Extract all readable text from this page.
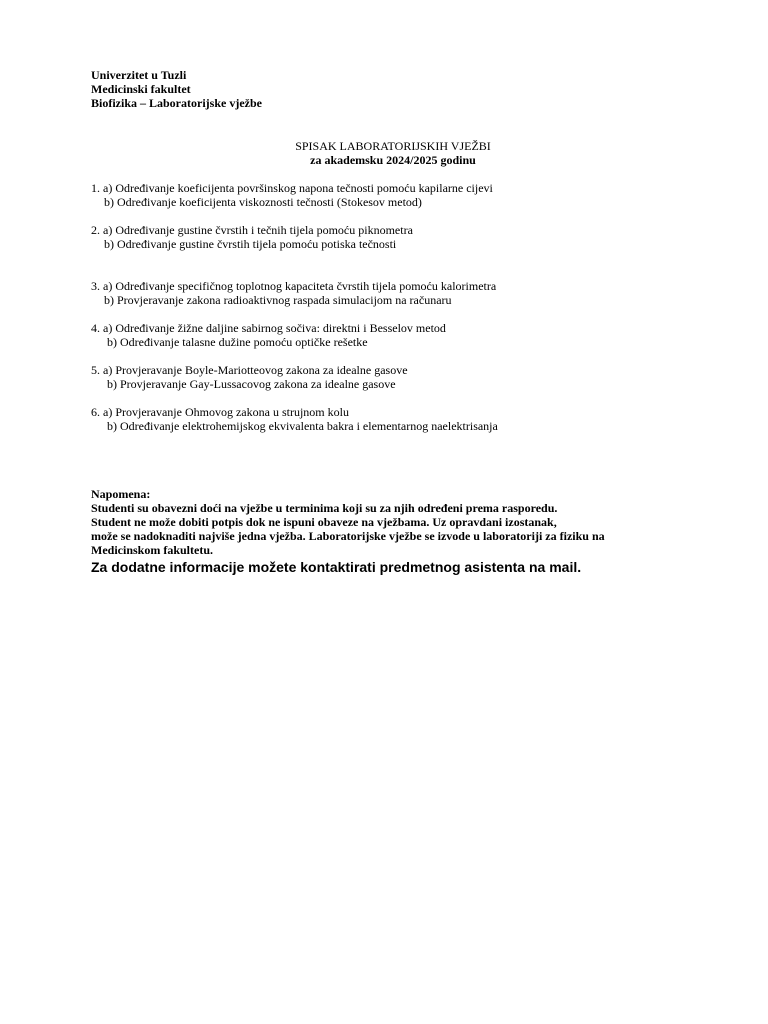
Univerzitet u Tuzli
Medicinski fakultet
Biofizika – Laboratorijske vježbe
SPISAK LABORATORIJSKIH VJEŽBI
za akademsku 2024/2025 godinu
1. a) Određivanje koeficijenta površinskog napona tečnosti pomoću kapilarne cijevi
b) Određivanje koeficijenta viskoznosti tečnosti (Stokesov metod)
2. a) Određivanje gustine čvrstih i tečnih tijela pomoću piknometra
b) Određivanje gustine čvrstih tijela pomoću potiska tečnosti
3. a) Određivanje specifičnog toplotnog kapaciteta čvrstih tijela pomoću kalorimetra
b) Provjeravanje zakona radioaktivnog raspada simulacijom na računaru
4. a) Određivanje žižne daljine sabirnog sočiva: direktni i Besselov metod
b) Određivanje talasne dužine pomoću optičke rešetke
5. a) Provjeravanje Boyle-Mariotteovog zakona za idealne gasove
b) Provjeravanje Gay-Lussacovog zakona za idealne gasove
6. a) Provjeravanje Ohmovog zakona u strujnom kolu
b) Određivanje elektrohemijskog ekvivalenta bakra i elementarnog naelektrisanja
Napomena:
Studenti su obavezni doći na vježbe u terminima koji su za njih određeni prema rasporedu.
Student ne može dobiti potpis dok ne ispuni obaveze na vježbama. Uz opravdani izostanak,
može se nadoknaditi najviše jedna vježba. Laboratorijske vježbe se izvode u laboratoriji za fiziku na
Medicinskom fakultetu.
Za dodatne informacije možete kontaktirati predmetnog asistenta na mail.
